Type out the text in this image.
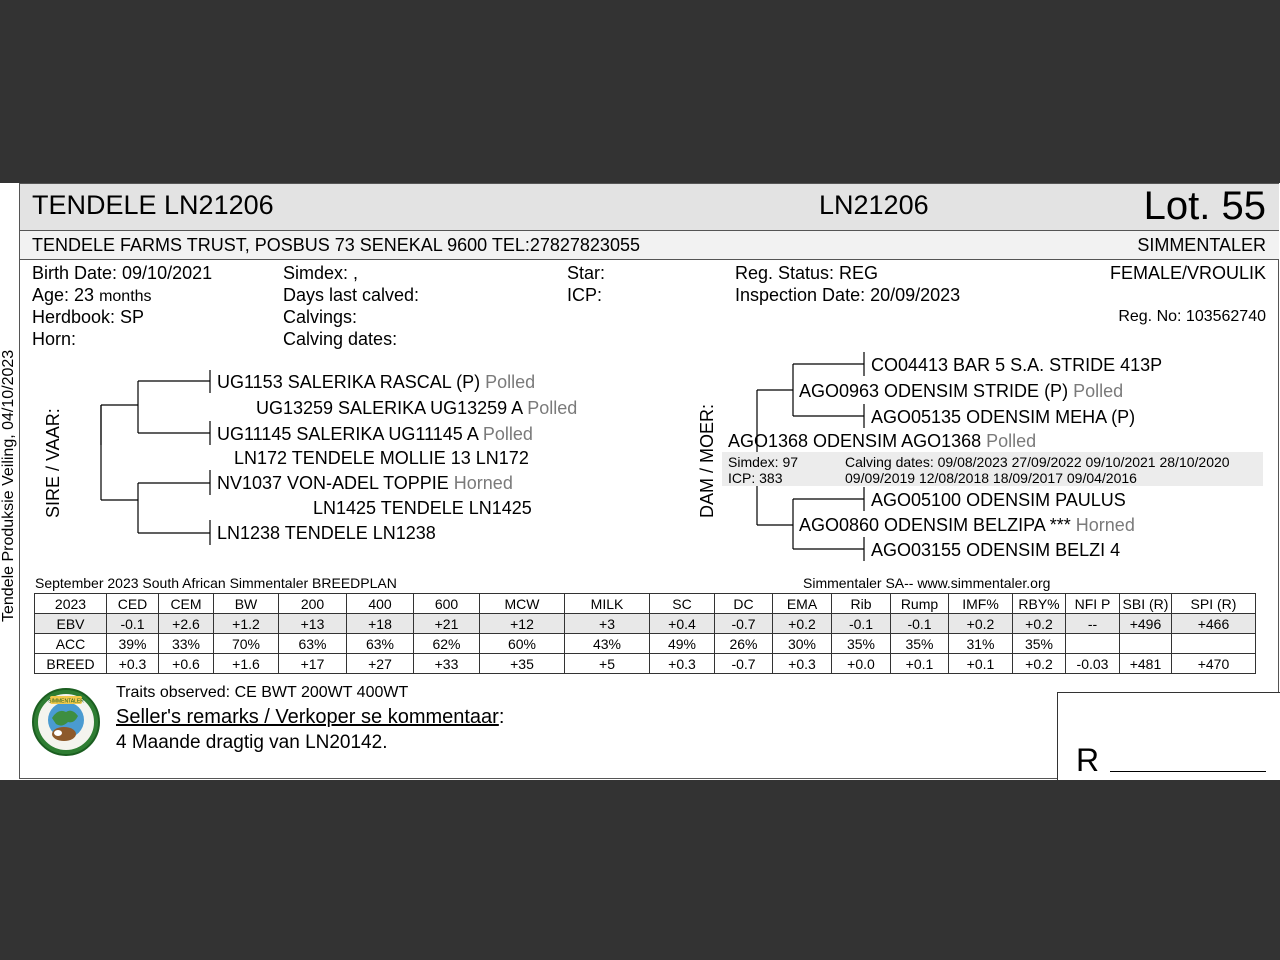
Tendele Produksie Veiling, 04/10/2023
TENDELE LN21206	LN21206	Lot. 55
TENDELE FARMS TRUST, POSBUS 73 SENEKAL 9600 TEL:27827823055	SIMMENTALER
Birth Date: 09/10/2021
Age: 23 months
Herdbook: SP
Horn:
Simdex: ,
Days last calved:
Calvings:
Calving dates:
Star:
ICP:
Reg. Status: REG
Inspection Date: 20/09/2023
FEMALE/VROULIK
Reg. No: 103562740
SIRE / VAAR:	DAM / MOER:
UG1153 SALERIKA RASCAL (P) Polled
UG13259 SALERIKA UG13259 A Polled
UG11145 SALERIKA UG11145 A Polled
LN172 TENDELE MOLLIE 13 LN172
NV1037 VON-ADEL TOPPIE Horned
LN1425 TENDELE LN1425
LN1238 TENDELE LN1238
CO04413 BAR 5 S.A. STRIDE 413P
AGO0963 ODENSIM STRIDE (P) Polled
AGO05135 ODENSIM MEHA (P)
AGO1368 ODENSIM AGO1368 Polled
Simdex: 97
ICP: 383
Calving dates: 09/08/2023 27/09/2022 09/10/2021 28/10/2020
09/09/2019 12/08/2018 18/09/2017 09/04/2016
AGO05100 ODENSIM PAULUS
AGO0860 ODENSIM BELZIPA *** Horned
AGO03155 ODENSIM BELZI 4
September 2023 South African Simmentaler BREEDPLAN	Simmentaler SA-- www.simmentaler.org
2023	CED	CEM	BW	200	400	600	MCW	MILK	SC	DC	EMA	Rib	Rump	IMF%	RBY%	NFI P	SBI (R)	SPI (R)
EBV	-0.1	+2.6	+1.2	+13	+18	+21	+12	+3	+0.4	-0.7	+0.2	-0.1	-0.1	+0.2	+0.2	--	+496	+466
ACC	39%	33%	70%	63%	63%	62%	60%	43%	49%	26%	30%	35%	35%	31%	35%			
BREED	+0.3	+0.6	+1.6	+17	+27	+33	+35	+5	+0.3	-0.7	+0.3	+0.0	+0.1	+0.1	+0.2	-0.03	+481	+470
SIMMENTALER
Traits observed: CE BWT 200WT 400WT
Seller's remarks / Verkoper se kommentaar:
4 Maande dragtig van LN20142.	R
